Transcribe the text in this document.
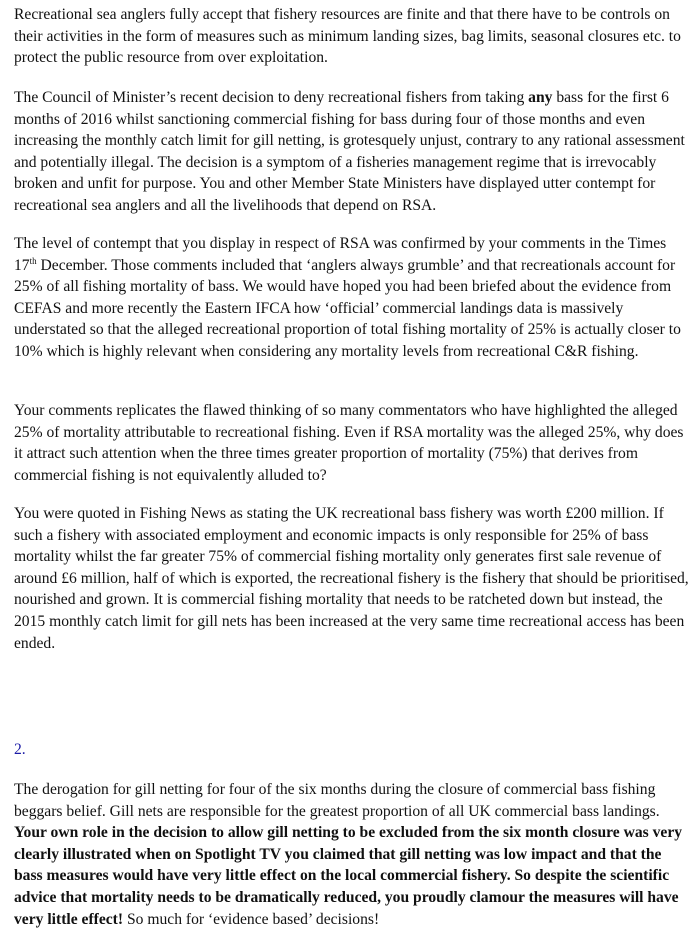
Recreational sea anglers fully accept that fishery resources are finite and that there have to be controls on their activities in the form of measures such as minimum landing sizes, bag limits, seasonal closures etc. to protect the public resource from over exploitation.

The Council of Minister’s recent decision to deny recreational fishers from taking any bass for the first 6 months of 2016 whilst sanctioning commercial fishing for bass during four of those months and even increasing the monthly catch limit for gill netting, is grotesquely unjust, contrary to any rational assessment and potentially illegal. The decision is a symptom of a fisheries management regime that is irrevocably broken and unfit for purpose. You and other Member State Ministers have displayed utter contempt for recreational sea anglers and all the livelihoods that depend on RSA.

The level of contempt that you display in respect of RSA was confirmed by your comments in the Times 17th December. Those comments included that ‘anglers always grumble’ and that recreationals account for 25% of all fishing mortality of bass. We would have hoped you had been briefed about the evidence from CEFAS and more recently the Eastern IFCA how ‘official’ commercial landings data is massively understated so that the alleged recreational proportion of total fishing mortality of 25% is actually closer to 10% which is highly relevant when considering any mortality levels from recreational C&R fishing.

Your comments replicates the flawed thinking of so many commentators who have highlighted the alleged 25% of mortality attributable to recreational fishing. Even if RSA mortality was the alleged 25%, why does it attract such attention when the three times greater proportion of mortality (75%) that derives from commercial fishing is not equivalently alluded to?

You were quoted in Fishing News as stating the UK recreational bass fishery was worth £200 million. If such a fishery with associated employment and economic impacts is only responsible for 25% of bass mortality whilst the far greater 75% of commercial fishing mortality only generates first sale revenue of around £6 million, half of which is exported, the recreational fishery is the fishery that should be prioritised, nourished and grown. It is commercial fishing mortality that needs to be ratcheted down but instead, the 2015 monthly catch limit for gill nets has been increased at the very same time recreational access has been ended.

2.

The derogation for gill netting for four of the six months during the closure of commercial bass fishing beggars belief. Gill nets are responsible for the greatest proportion of all UK commercial bass landings. Your own role in the decision to allow gill netting to be excluded from the six month closure was very clearly illustrated when on Spotlight TV you claimed that gill netting was low impact and that the bass measures would have very little effect on the local commercial fishery. So despite the scientific advice that mortality needs to be dramatically reduced, you proudly clamour the measures will have very little effect! So much for ‘evidence based’ decisions!
